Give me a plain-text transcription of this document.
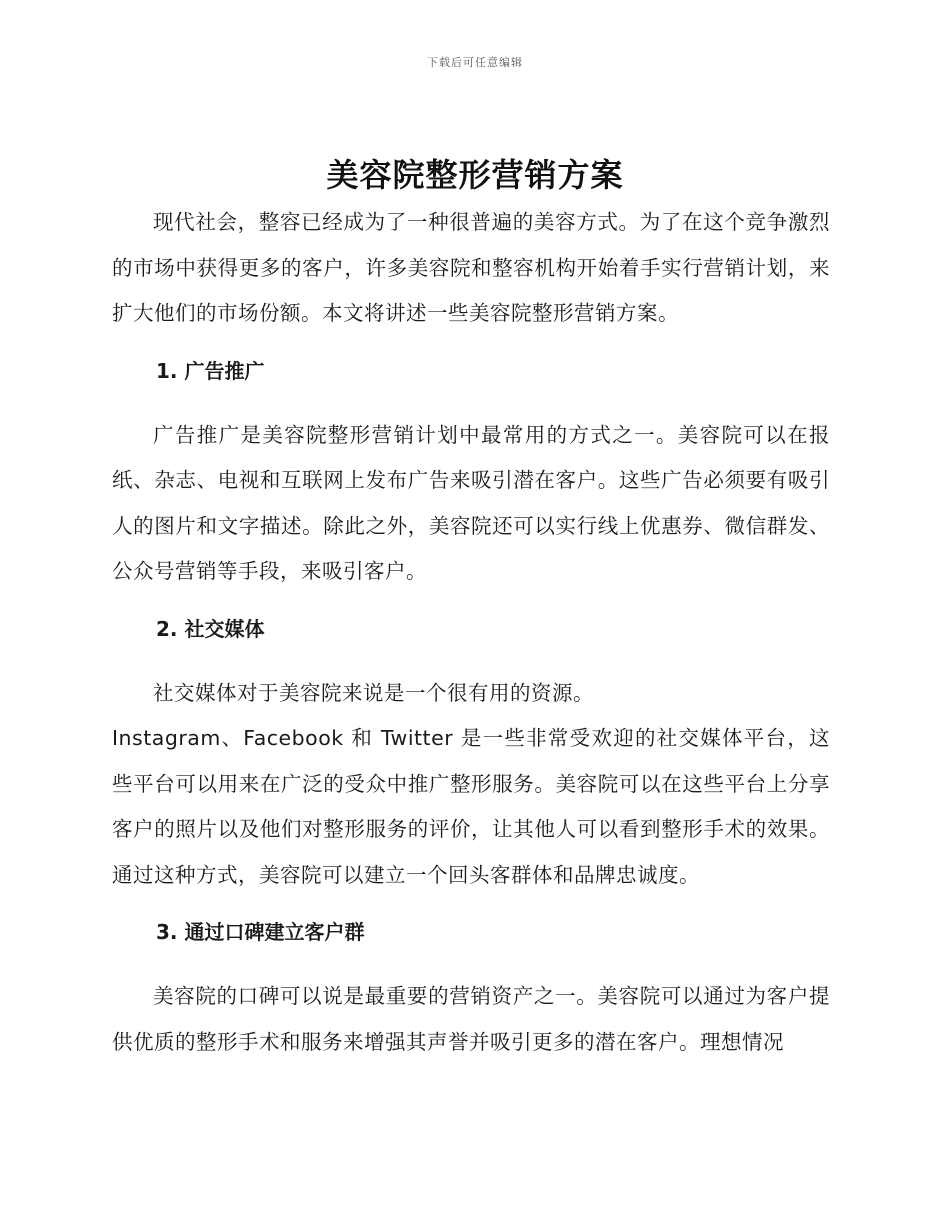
下载后可任意编辑
美容院整形营销方案

现代社会，整容已经成为了一种很普遍的美容方式。为了在这个竞争激烈的市场中获得更多的客户，许多美容院和整容机构开始着手实行营销计划，来扩大他们的市场份额。本文将讲述一些美容院整形营销方案。

1. 广告推广

广告推广是美容院整形营销计划中最常用的方式之一。美容院可以在报纸、杂志、电视和互联网上发布广告来吸引潜在客户。这些广告必须要有吸引人的图片和文字描述。除此之外，美容院还可以实行线上优惠券、微信群发、公众号营销等手段，来吸引客户。

2. 社交媒体

社交媒体对于美容院来说是一个很有用的资源。

Instagram、Facebook 和 Twitter 是一些非常受欢迎的社交媒体平台，这些平台可以用来在广泛的受众中推广整形服务。美容院可以在这些平台上分享客户的照片以及他们对整形服务的评价，让其他人可以看到整形手术的效果。通过这种方式，美容院可以建立一个回头客群体和品牌忠诚度。

3. 通过口碑建立客户群

美容院的口碑可以说是最重要的营销资产之一。美容院可以通过为客户提供优质的整形手术和服务来增强其声誉并吸引更多的潜在客户。理想情况
